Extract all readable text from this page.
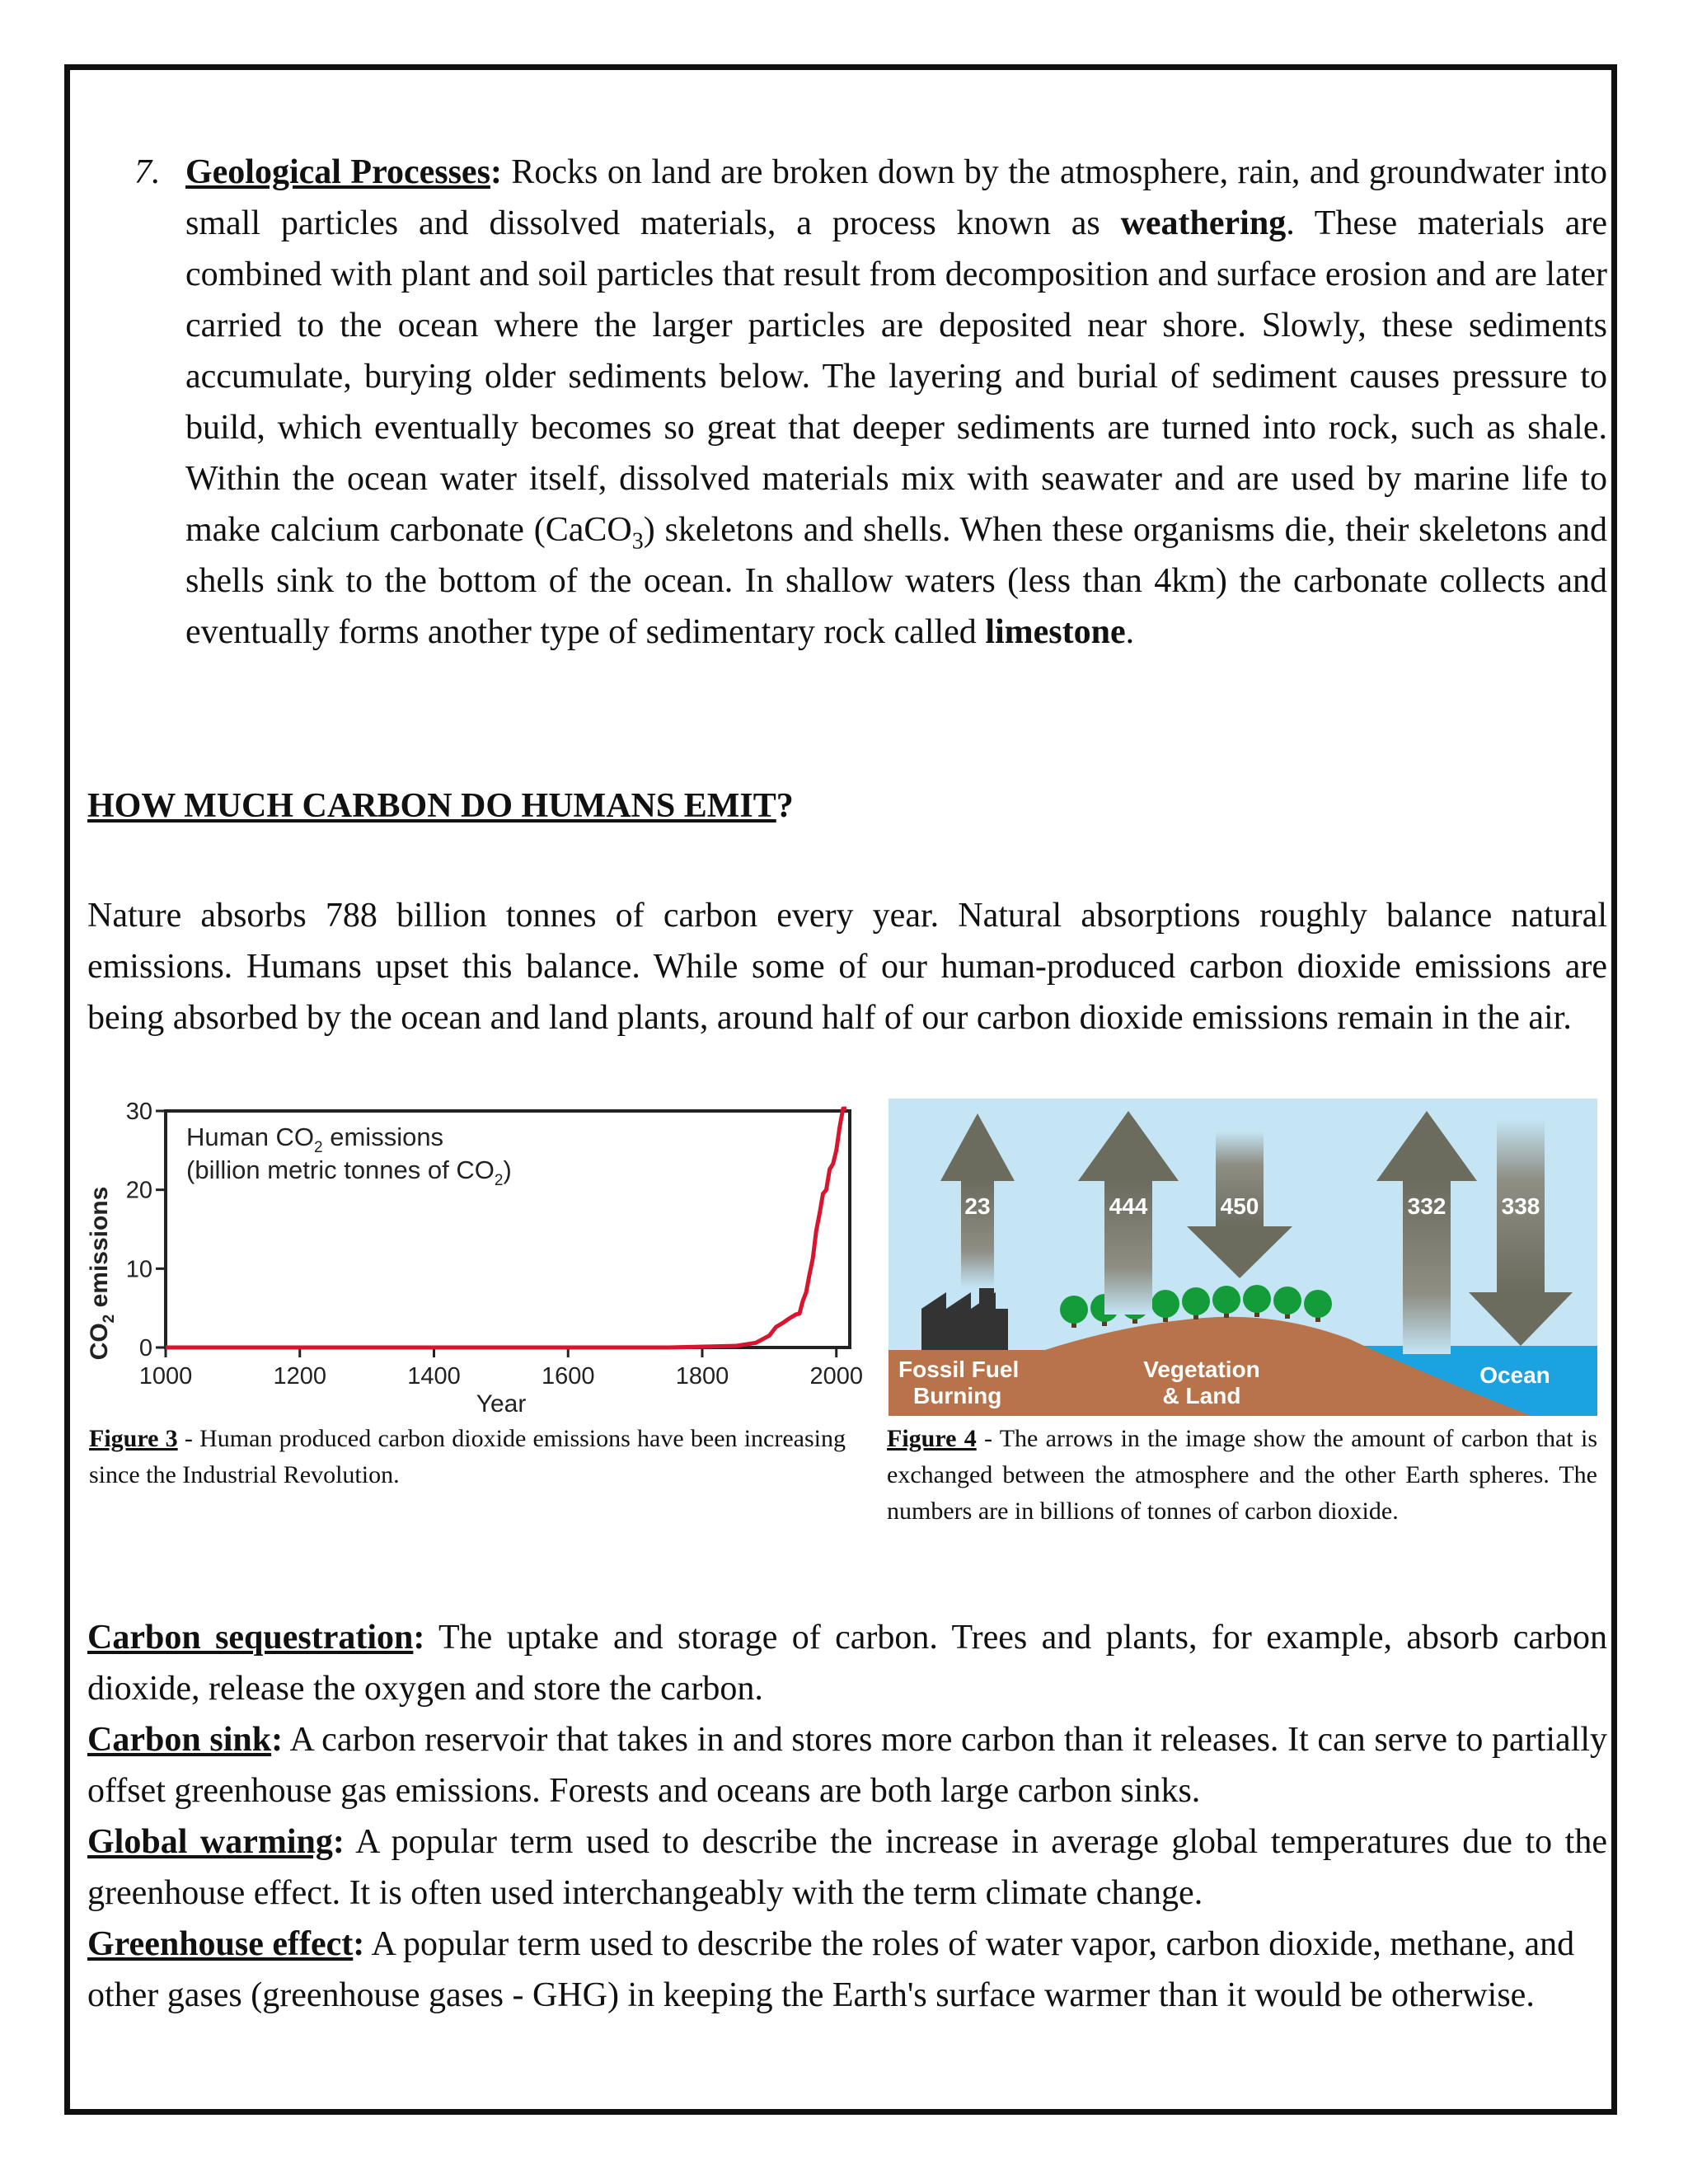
7. Geological Processes: Rocks on land are broken down by the atmosphere, rain, and groundwater into small particles and dissolved materials, a process known as weathering. These materials are combined with plant and soil particles that result from decomposition and surface erosion and are later carried to the ocean where the larger particles are deposited near shore. Slowly, these sediments accumulate, burying older sediments below. The layering and burial of sediment causes pressure to build, which eventually becomes so great that deeper sediments are turned into rock, such as shale. Within the ocean water itself, dissolved materials mix with seawater and are used by marine life to make calcium carbonate (CaCO$_3$) skeletons and shells. When these organisms die, their skeletons and shells sink to the bottom of the ocean. In shallow waters (less than 4km) the carbonate collects and eventually forms another type of sedimentary rock called limestone.
HOW MUCH CARBON DO HUMANS EMIT?
Nature absorbs 788 billion tonnes of carbon every year. Natural absorptions roughly balance natural emissions. Humans upset this balance. While some of our human-produced carbon dioxide emissions are being absorbed by the ocean and land plants, around half of our carbon dioxide emissions remain in the air.
1000	1200	1400	1600	1800	2000
0
10
20
30
Human $CO_2$ emissions
(billion metric tonnes of $CO_2$)
$CO_2$ emissions
Year
23	444	450	332 338
Fossil Fuel
Burning
Vegetation
& Land
Ocean
Figure 3 - Human produced carbon dioxide emissions have been increasing since the Industrial Revolution.
Figure 4 - The arrows in the image show the amount of carbon that is exchanged between the atmosphere and the other Earth spheres. The numbers are in billions of tonnes of carbon dioxide.

Carbon sequestration: The uptake and storage of carbon. Trees and plants, for example, absorb carbon dioxide, release the oxygen and store the carbon.

Carbon sink: A carbon reservoir that takes in and stores more carbon than it releases. It can serve to partially offset greenhouse gas emissions. Forests and oceans are both large carbon sinks.

Global warming: A popular term used to describe the increase in average global temperatures due to the greenhouse effect. It is often used interchangeably with the term climate change.

Greenhouse effect: A popular term used to describe the roles of water vapor, carbon dioxide, methane, and other gases (greenhouse gases - GHG) in keeping the Earth's surface warmer than it would be otherwise.
